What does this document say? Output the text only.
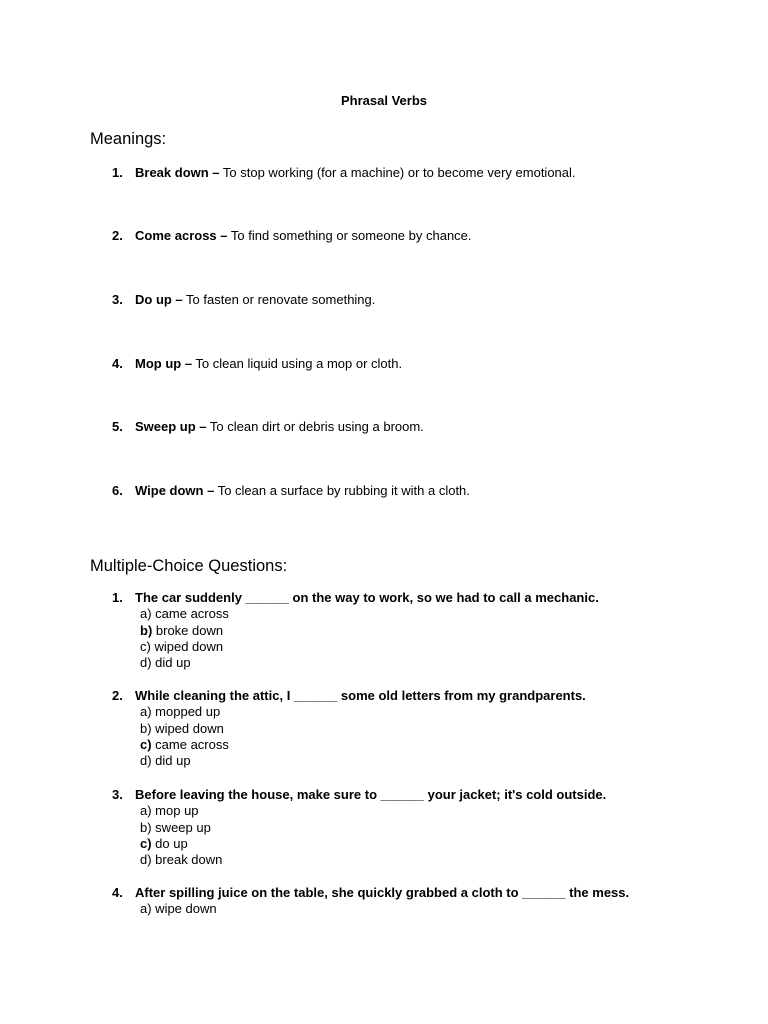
Phrasal Verbs
Meanings:
1. Break down – To stop working (for a machine) or to become very emotional.
2. Come across – To find something or someone by chance.
3. Do up – To fasten or renovate something.
4. Mop up – To clean liquid using a mop or cloth.
5. Sweep up – To clean dirt or debris using a broom.
6. Wipe down – To clean a surface by rubbing it with a cloth.
Multiple-Choice Questions:
1. The car suddenly ______ on the way to work, so we had to call a mechanic.
a) came across
b) broke down
c) wiped down
d) did up
2. While cleaning the attic, I ______ some old letters from my grandparents.
a) mopped up
b) wiped down
c) came across
d) did up
3. Before leaving the house, make sure to ______ your jacket; it's cold outside.
a) mop up
b) sweep up
c) do up
d) break down
4. After spilling juice on the table, she quickly grabbed a cloth to ______ the mess.
a) wipe down
